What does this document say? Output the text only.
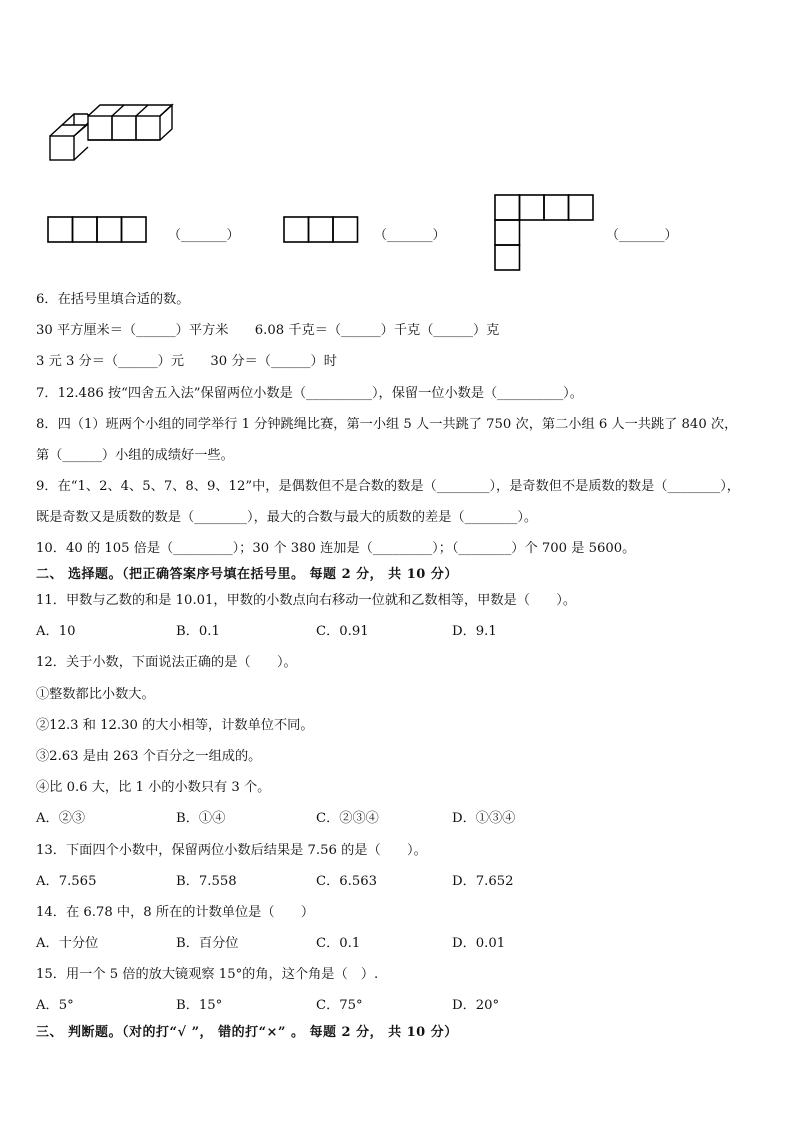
（_______）	（_______）	（_______）
6．在括号里填合适的数。
30 平方厘米＝（______）平方米　　6.08 千克＝（______）千克（______）克
3 元 3 分＝（______）元　　30 分＝（______）时
7．12.486 按“四舍五入法”保留两位小数是（__________），保留一位小数是（__________）。
8．四（1）班两个小组的同学举行 1 分钟跳绳比赛，第一小组 5 人一共跳了 750 次，第二小组 6 人一共跳了 840 次，
第（______）小组的成绩好一些。
9．在“1、2、4、5、7、8、9、12”中，是偶数但不是合数的数是（________），是奇数但不是质数的数是（________），
既是奇数又是质数的数是（________），最大的合数与最大的质数的差是（________）。
10．40 的 105 倍是（_________）；30 个 380 连加是（_________）；（________）个 700 是 5600。
二、 选择题。（把正确答案序号填在括号里。 每题 2 分， 共 10 分）
11．甲数与乙数的和是 10.01，甲数的小数点向右移动一位就和乙数相等，甲数是（　　）。
A．10	B．0.1	C．0.91	D．9.1
12．关于小数，下面说法正确的是（　　）。
①整数都比小数大。
②12.3 和 12.30 的大小相等，计数单位不同。
③2.63 是由 263 个百分之一组成的。
④比 0.6 大，比 1 小的小数只有 3 个。
A．②③	B．①④	C．②③④	D．①③④
13．下面四个小数中，保留两位小数后结果是 7.56 的是（　　）。
A．7.565	B．7.558	C．6.563	D．7.652
14．在 6.78 中，8 所在的计数单位是（　　）
A．十分位	B．百分位	C．0.1	D．0.01
15．用一个 5 倍的放大镜观察 15°的角，这个角是（　）.
A．5°	B．15°	C．75°	D．20°
三、 判断题。（对的打“√ ”， 错的打“×” 。 每题 2 分， 共 10 分）
